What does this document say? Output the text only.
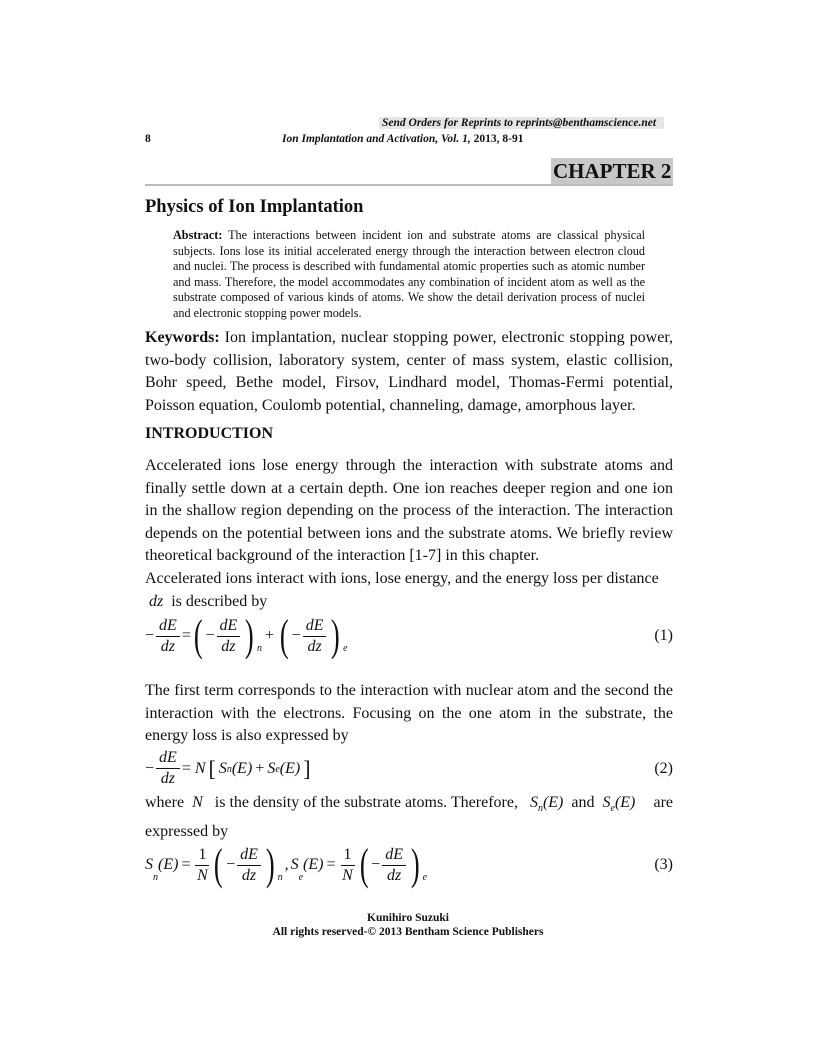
Send Orders for Reprints to reprints@benthamscience.net
8	Ion Implantation and Activation, Vol. 1, 2013, 8-91
CHAPTER 2
Physics of Ion Implantation
Abstract: The interactions between incident ion and substrate atoms are classical physical subjects. Ions lose its initial accelerated energy through the interaction between electron cloud and nuclei. The process is described with fundamental atomic properties such as atomic number and mass. Therefore, the model accommodates any combination of incident atom as well as the substrate composed of various kinds of atoms. We show the detail derivation process of nuclei and electronic stopping power models.
Keywords: Ion implantation, nuclear stopping power, electronic stopping power, two-body collision, laboratory system, center of mass system, elastic collision, Bohr speed, Bethe model, Firsov, Lindhard model, Thomas-Fermi potential, Poisson equation, Coulomb potential, channeling, damage, amorphous layer.
INTRODUCTION
Accelerated ions lose energy through the interaction with substrate atoms and finally settle down at a certain depth. One ion reaches deeper region and one ion in the shallow region depending on the process of the interaction. The interaction depends on the potential between ions and the substrate atoms. We briefly review theoretical background of the interaction [1-7] in this chapter.
Accelerated ions interact with ions, lose energy, and the energy loss per distance
dz is described by
− $\frac{dE}{dz}$ = ( − $\frac{dE}{dz}$ ) n
+ ( − $\frac{dE}{dz}$ ) e
(1)
The first term corresponds to the interaction with nuclear atom and the second the interaction with the electrons. Focusing on the one atom in the substrate, the energy loss is also expressed by
− $\frac{dE}{dz}$ =
N [ S n (E) + S e (E) ]	(2)
where N is the density of the substrate atoms. Therefore, $S_n(E)$ and $S_e(E)$ are

expressed by
S
n
$(E) = \frac{1}{N}$ ( − $\frac{dE}{dz}$ ) n
, S
e
$(E) = \frac{1}{N}$ ( − $\frac{dE}{dz}$ ) e
(3)
Kunihiro Suzuki
All rights reserved-© 2013 Bentham Science Publishers
